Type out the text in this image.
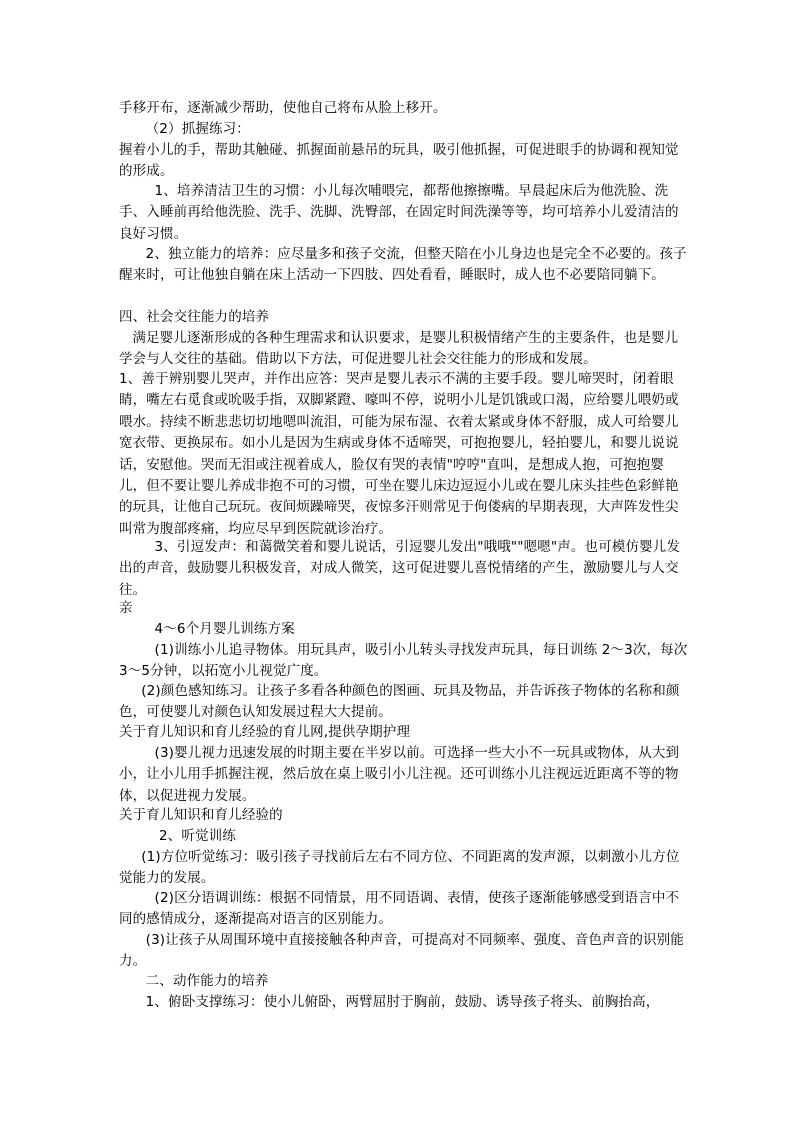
手移开布，逐渐减少帮助，使他自己将布从脸上移开。

（2）抓握练习：

握着小儿的手，帮助其触碰、抓握面前悬吊的玩具，吸引他抓握，可促进眼手的协调和视知觉的形成。

1、培养清洁卫生的习惯：小儿每次哺喂完，都帮他擦擦嘴。早晨起床后为他洗脸、洗手、入睡前再给他洗脸、洗手、洗脚、洗臀部，在固定时间洗澡等等，均可培养小儿爱清洁的良好习惯。

2、独立能力的培养：应尽量多和孩子交流，但整天陪在小儿身边也是完全不必要的。孩子醒来时，可让他独自躺在床上活动一下四肢、四处看看，睡眠时，成人也不必要陪同躺下。

四、社会交往能力的培养

满足婴儿逐渐形成的各种生理需求和认识要求，是婴儿积极情绪产生的主要条件，也是婴儿学会与人交往的基础。借助以下方法，可促进婴儿社会交往能力的形成和发展。

1、善于辨别婴儿哭声，并作出应答：哭声是婴儿表示不满的主要手段。婴儿啼哭时，闭着眼睛，嘴左右觅食或吮吸手指，双脚紧蹬、嚎叫不停，说明小儿是饥饿或口渴，应给婴儿喂奶或喂水。持续不断悲悲切切地嗯叫流泪，可能为尿布湿、衣着太紧或身体不舒服，成人可给婴儿宽衣带、更换尿布。如小儿是因为生病或身体不适啼哭，可抱抱婴儿，轻拍婴儿，和婴儿说说话，安慰他。哭而无泪或注视着成人，脸仅有哭的表情"哼哼"直叫，是想成人抱，可抱抱婴儿，但不要让婴儿养成非抱不可的习惯，可坐在婴儿床边逗逗小儿或在婴儿床头挂些色彩鲜艳的玩具，让他自己玩玩。夜间烦躁啼哭，夜惊多汗则常见于佝偻病的早期表现，大声阵发性尖叫常为腹部疼痛，均应尽早到医院就诊治疗。

3、引逗发声：和蔼微笑着和婴儿说话，引逗婴儿发出"哦哦""嗯嗯"声。也可模仿婴儿发出的声音，鼓励婴儿积极发音，对成人微笑，这可促进婴儿喜悦情绪的产生，激励婴儿与人交往。

亲

4～6个月婴儿训练方案

(1)训练小儿追寻物体。用玩具声，吸引小儿转头寻找发声玩具，每日训练 2～3次，每次 3～5分钟，以拓宽小儿视觉广度。

(2)颜色感知练习。让孩子多看各种颜色的图画、玩具及物品，并告诉孩子物体的名称和颜色，可使婴儿对颜色认知发展过程大大提前。

关于育儿知识和育儿经验的育儿网,提供孕期护理

(3)婴儿视力迅速发展的时期主要在半岁以前。可选择一些大小不一玩具或物体，从大到小，让小儿用手抓握注视，然后放在桌上吸引小儿注视。还可训练小儿注视远近距离不等的物体，以促进视力发展。

关于育儿知识和育儿经验的

2、听觉训练

(1)方位听觉练习：吸引孩子寻找前后左右不同方位、不同距离的发声源，以刺激小儿方位觉能力的发展。

(2)区分语调训练：根据不同情景，用不同语调、表情，使孩子逐渐能够感受到语言中不同的感情成分，逐渐提高对语言的区别能力。

(3)让孩子从周围环境中直接接触各种声音，可提高对不同频率、强度、音色声音的识别能力。

二、动作能力的培养

1、俯卧支撑练习：使小儿俯卧，两臂屈肘于胸前，鼓励、诱导孩子将头、前胸抬高，
